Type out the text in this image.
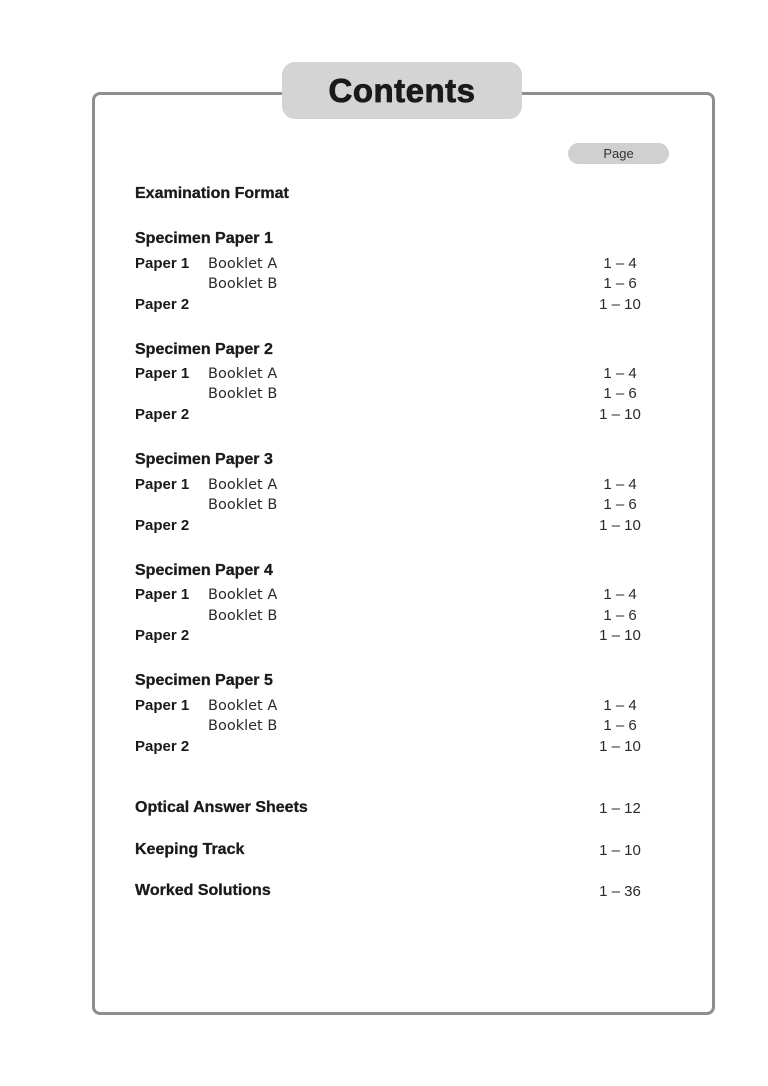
Contents
Page
Examination Format
Specimen Paper 1
Paper 1 Booklet A	1 – 4
Booklet B	1 – 6
Paper 2	1 – 10
Specimen Paper 2
Paper 1 Booklet A	1 – 4
Booklet B	1 – 6
Paper 2	1 – 10
Specimen Paper 3
Paper 1 Booklet A	1 – 4
Booklet B	1 – 6
Paper 2	1 – 10
Specimen Paper 4
Paper 1 Booklet A	1 – 4
Booklet B	1 – 6
Paper 2	1 – 10
Specimen Paper 5
Paper 1 Booklet A	1 – 4
Booklet B	1 – 6
Paper 2	1 – 10
Optical Answer Sheets	1 – 12
Keeping Track	1 – 10
Worked Solutions	1 – 36
